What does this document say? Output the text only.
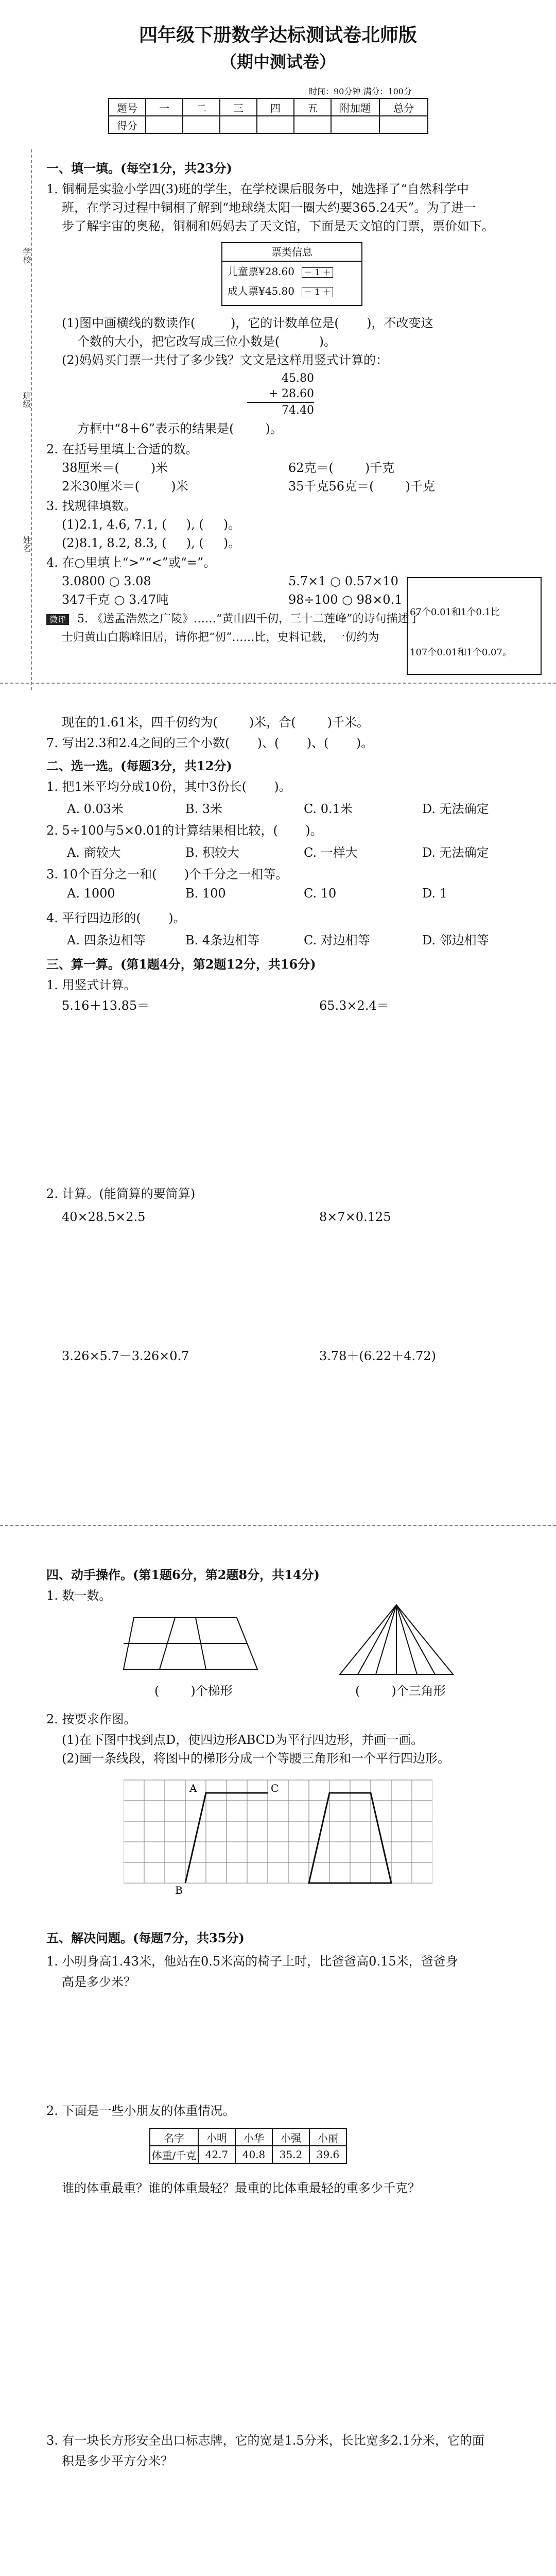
四年级下册数学达标测试卷北师版
（期中测试卷）
时间：90分钟 满分：100分
题号	一	二	三	四	五	附加题	总分
得分							
学校
班级
姓名
一、填一填。(每空1分，共23分)
1. 铜桐是实验小学四(3)班的学生，在学校课后服务中，她选择了“自然科学中
班，在学习过程中铜桐了解到“地球绕太阳一圈大约要365.24天”。为了进一
步了解宇宙的奥秘，铜桐和妈妈去了天文馆，下面是天文馆的门票，票价如下。
票类信息
儿童票¥28.60 － 1 ＋
成人票¥45.80 － 1 ＋
(1)图中画横线的数读作(         )，它的计数单位是(       )，不改变这
个数的大小，把它改写成三位小数是(          )。
(2)妈妈买门票一共付了多少钱？文文是这样用竖式计算的：
45.80
+ 28.60
74.40
方框中“8＋6”表示的结果是(        )。
2. 在括号里填上合适的数。
38厘米＝(        )米	62克＝(        )千克
2米30厘米＝(        )米	35千克56克＝(        )千克
3. 找规律填数。
(1)2.1, 4.6, 7.1, (     ), (     )。
(2)8.1, 8.2, 8.3, (     ), (     )。
4. 在○里填上“>”“<”或“=”。
3.0800 ○ 3.08	5.7×1 ○ 0.57×10
347千克 ○ 3.47吨	98÷100 ○ 98×0.1

67个0.01和1个0.1比

107个0.01和1个0.07。

微评 5. 《送孟浩然之广陵》……“黄山四千仞，三十二莲峰”的诗句描述了
士归黄山白鹅峰旧居，请你把“仞”……比，史料记载，一仞约为
现在的1.61米，四千仞约为(        )米，合(        )千米。
7. 写出2.3和2.4之间的三个小数(       )、(       )、(       )。
二、选一选。(每题3分，共12分)
1. 把1米平均分成10份，其中3份长(       )。
A. 0.03米	B. 3米	C. 0.1米	D. 无法确定
2. 5÷100与5×0.01的计算结果相比较，(       )。
A. 商较大	B. 积较大	C. 一样大	D. 无法确定
3. 10个百分之一和(       )个千分之一相等。
A. 1000	B. 100	C. 10	D. 1
4. 平行四边形的(       )。
A. 四条边相等	B. 4条边相等	C. 对边相等	D. 邻边相等
三、算一算。(第1题4分，第2题12分，共16分)
1. 用竖式计算。
5.16＋13.85＝	65.3×2.4＝
2. 计算。(能简算的要简算)
40×28.5×2.5	8×7×0.125
3.26×5.7－3.26×0.7	3.78＋(6.22＋4.72)
四、动手操作。(第1题6分，第2题8分，共14分)
1. 数一数。
(        )个梯形	(        )个三角形
2. 按要求作图。
(1)在下图中找到点D，使四边形ABCD为平行四边形，并画一画。
(2)画一条线段，将图中的梯形分成一个等腰三角形和一个平行四边形。
A
B
C
五、解决问题。(每题7分，共35分)
1. 小明身高1.43米，他站在0.5米高的椅子上时，比爸爸高0.15米，爸爸身
高是多少米？
2. 下面是一些小朋友的体重情况。
名字	小明	小华	小强	小丽
体重/千克	42.7	40.8	35.2	39.6
谁的体重最重？谁的体重最轻？最重的比体重最轻的重多少千克？
3. 有一块长方形安全出口标志牌，它的宽是1.5分米，长比宽多2.1分米，它的面
积是多少平方分米？
